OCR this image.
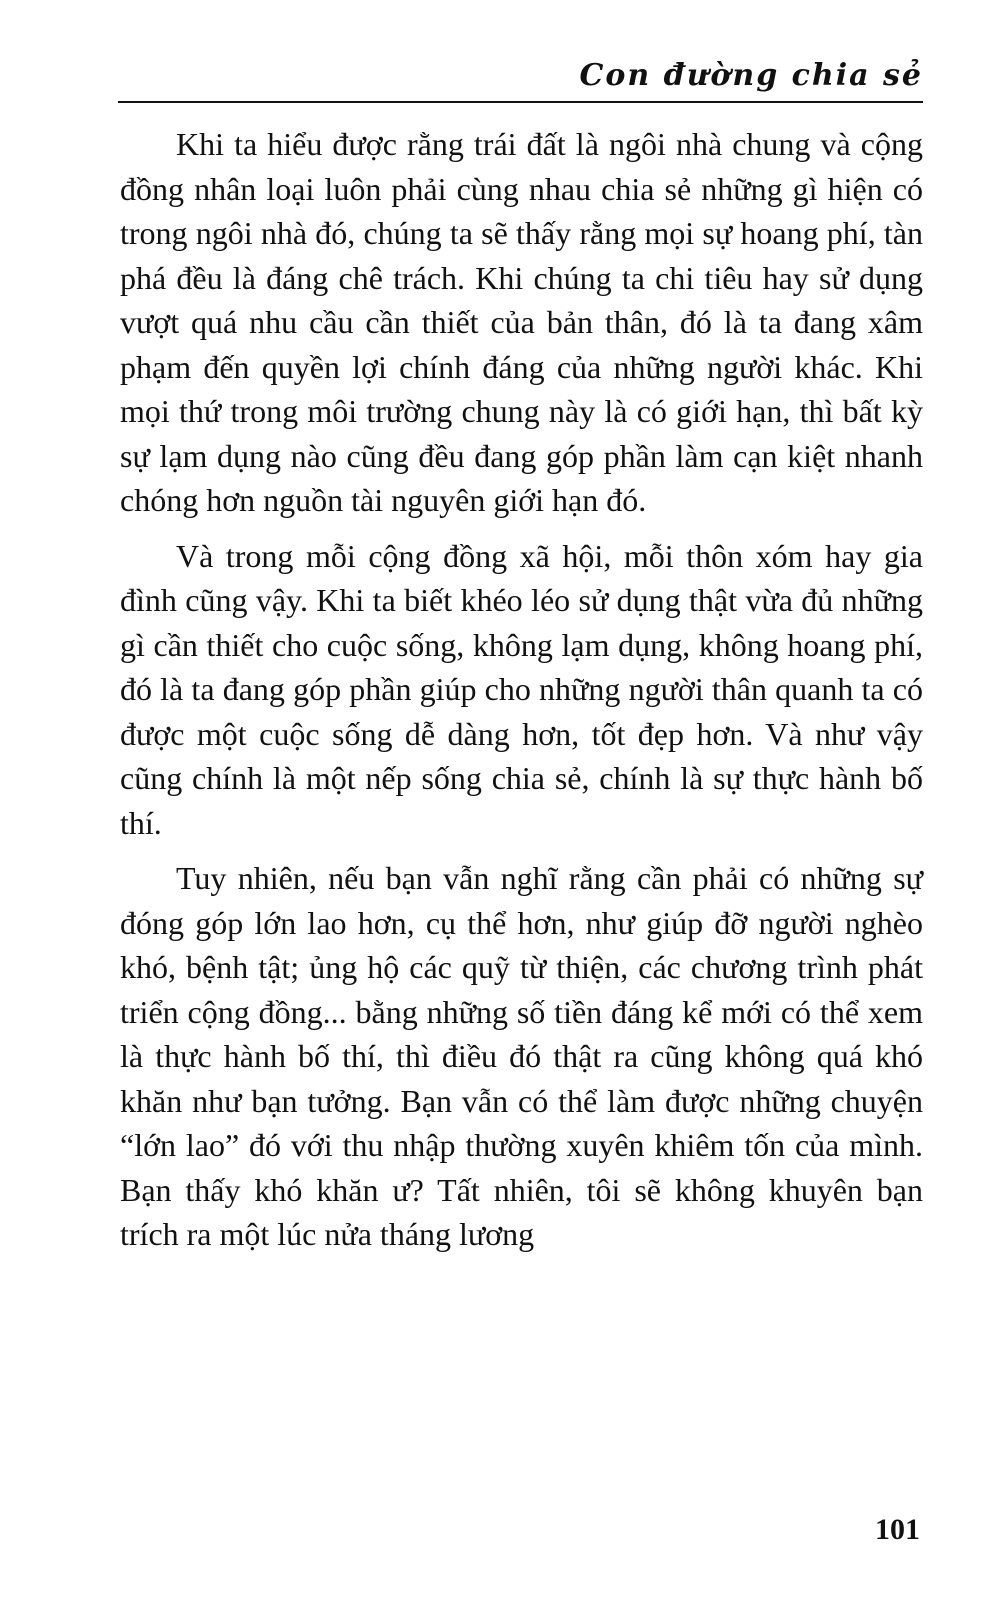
Con đường chia sẻ

Khi ta hiểu được rằng trái đất là ngôi nhà chung và cộng đồng nhân loại luôn phải cùng nhau chia sẻ những gì hiện có trong ngôi nhà đó, chúng ta sẽ thấy rằng mọi sự hoang phí, tàn phá đều là đáng chê trách. Khi chúng ta chi tiêu hay sử dụng vượt quá nhu cầu cần thiết của bản thân, đó là ta đang xâm phạm đến quyền lợi chính đáng của những người khác. Khi mọi thứ trong môi trường chung này là có giới hạn, thì bất kỳ sự lạm dụng nào cũng đều đang góp phần làm cạn kiệt nhanh chóng hơn nguồn tài nguyên giới hạn đó.

Và trong mỗi cộng đồng xã hội, mỗi thôn xóm hay gia đình cũng vậy. Khi ta biết khéo léo sử dụng thật vừa đủ những gì cần thiết cho cuộc sống, không lạm dụng, không hoang phí, đó là ta đang góp phần giúp cho những người thân quanh ta có được một cuộc sống dễ dàng hơn, tốt đẹp hơn. Và như vậy cũng chính là một nếp sống chia sẻ, chính là sự thực hành bố thí.

Tuy nhiên, nếu bạn vẫn nghĩ rằng cần phải có những sự đóng góp lớn lao hơn, cụ thể hơn, như giúp đỡ người nghèo khó, bệnh tật; ủng hộ các quỹ từ thiện, các chương trình phát triển cộng đồng... bằng những số tiền đáng kể mới có thể xem là thực hành bố thí, thì điều đó thật ra cũng không quá khó khăn như bạn tưởng. Bạn vẫn có thể làm được những chuyện “lớn lao” đó với thu nhập thường xuyên khiêm tốn của mình. Bạn thấy khó khăn ư? Tất nhiên, tôi sẽ không khuyên bạn trích ra một lúc nửa tháng lương

101
